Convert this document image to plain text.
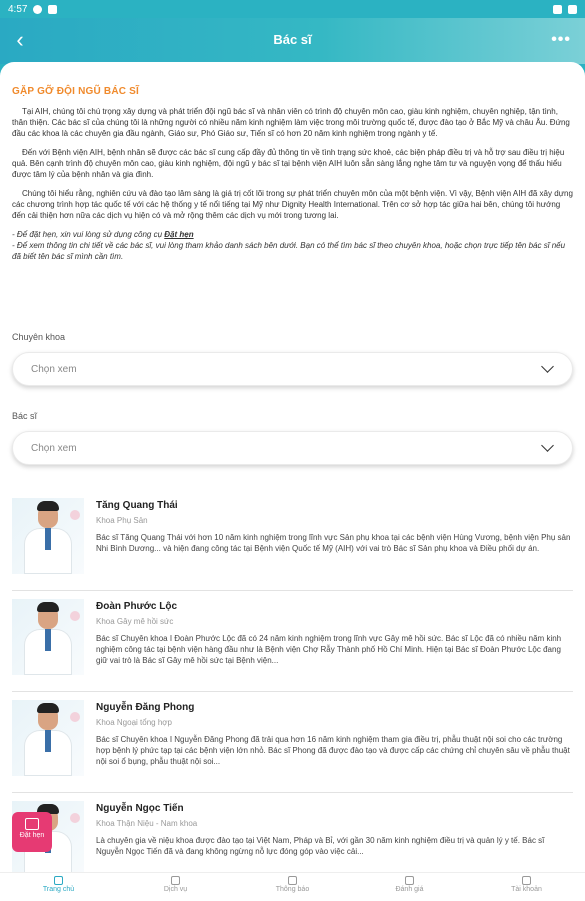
4:57
‹	Bác sĩ	•••
GẶP GỠ ĐỘI NGŨ BÁC SĨ

Tại AIH, chúng tôi chú trọng xây dựng và phát triển đội ngũ bác sĩ và nhân viên có trình độ chuyên môn cao, giàu kinh nghiệm, chuyên nghiệp, tận tình, thân thiện. Các bác sĩ của chúng tôi là những người có nhiều năm kinh nghiệm làm việc trong môi trường quốc tế, được đào tạo ở Bắc Mỹ và châu Âu. Đứng đầu các khoa là các chuyên gia đầu ngành, Giáo sư, Phó Giáo sư, Tiến sĩ có hơn 20 năm kinh nghiệm trong ngành y tế.

Đến với Bệnh viện AIH, bệnh nhân sẽ được các bác sĩ cung cấp đầy đủ thông tin về tình trạng sức khoẻ, các biện pháp điều trị và hỗ trợ sau điều trị hiệu quả. Bên cạnh trình độ chuyên môn cao, giàu kinh nghiệm, đội ngũ y bác sĩ tại bệnh viện AIH luôn sẵn sàng lắng nghe tâm tư và nguyện vọng để thấu hiểu được tâm lý của bệnh nhân và gia đình.

Chúng tôi hiểu rằng, nghiên cứu và đào tạo lâm sàng là giá trị cốt lõi trong sự phát triển chuyên môn của một bệnh viện. Vì vậy, Bệnh viện AIH đã xây dựng các chương trình hợp tác quốc tế với các hệ thống y tế nổi tiếng tại Mỹ như Dignity Health International. Trên cơ sở hợp tác giữa hai bên, chúng tôi hướng đến cải thiện hơn nữa các dịch vụ hiện có và mở rộng thêm các dịch vụ mới trong tương lai.

- Để đặt hẹn, xin vui lòng sử dụng công cụ Đặt hẹn
- Để xem thông tin chi tiết về các bác sĩ, vui lòng tham khảo danh sách bên dưới. Bạn có thể tìm bác sĩ theo chuyên khoa, hoặc chọn trực tiếp tên bác sĩ nếu đã biết tên bác sĩ mình cần tìm.
Chuyên khoa
Chọn xem
Bác sĩ
Chọn xem
Tăng Quang Thái
Khoa Phụ Sản
Bác sĩ Tăng Quang Thái với hơn 10 năm kinh nghiệm trong lĩnh vực Sản phụ khoa tại các bệnh viện Hùng Vương, bệnh viện Phụ sản Nhi Bình Dương... và hiện đang công tác tại Bệnh viện Quốc tế Mỹ (AIH) với vai trò Bác sĩ Sản phụ khoa và Điều phối dự án.
Đoàn Phước Lộc
Khoa Gây mê hồi sức
Bác sĩ Chuyên khoa I Đoàn Phước Lộc đã có 24 năm kinh nghiệm trong lĩnh vực Gây mê hồi sức. Bác sĩ Lộc đã có nhiều năm kinh nghiệm công tác tại bệnh viện hàng đầu như là Bệnh viện Chợ Rẫy Thành phố Hồ Chí Minh. Hiện tại Bác sĩ Đoàn Phước Lộc đang giữ vai trò là Bác sĩ Gây mê hồi sức tại Bệnh viện...
Nguyễn Đăng Phong
Khoa Ngoại tổng hợp
Bác sĩ Chuyên khoa I Nguyễn Đăng Phong đã trải qua hơn 16 năm kinh nghiệm tham gia điều trị, phẫu thuật nội soi cho các trường hợp bệnh lý phức tạp tại các bệnh viện lớn nhỏ. Bác sĩ Phong đã được đào tạo và được cấp các chứng chỉ chuyên sâu về phẫu thuật nội soi ổ bụng, phẫu thuật nội soi...
Nguyễn Ngọc Tiến
Khoa Thận Niệu - Nam khoa
Là chuyên gia về niệu khoa được đào tạo tại Việt Nam, Pháp và Bỉ, với gần 30 năm kinh nghiệm điều trị và quản lý y tế. Bác sĩ Nguyễn Ngọc Tiến đã và đang không ngừng nỗ lực đóng góp vào việc cải...
Đặt hẹn
Trang chủ	Dịch vụ	Thông báo	Đánh giá	Tài khoản
